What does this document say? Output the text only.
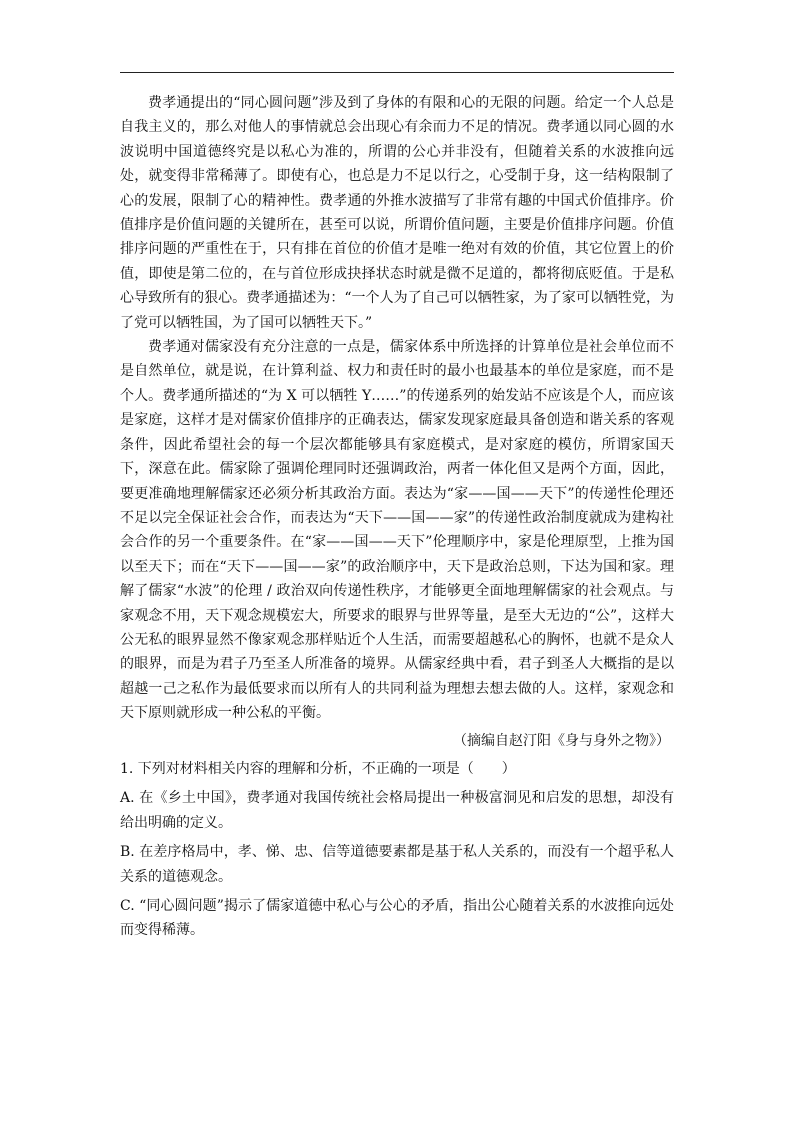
费孝通提出的“同心圆问题”涉及到了身体的有限和心的无限的问题。给定一个人总是自我主义的，那么对他人的事情就总会出现心有余而力不足的情况。费孝通以同心圆的水波说明中国道德终究是以私心为准的，所谓的公心并非没有，但随着关系的水波推向远处，就变得非常稀薄了。即使有心，也总是力不足以行之，心受制于身，这一结构限制了心的发展，限制了心的精神性。费孝通的外推水波描写了非常有趣的中国式价值排序。价值排序是价值问题的关键所在，甚至可以说，所谓价值问题，主要是价值排序问题。价值排序问题的严重性在于，只有排在首位的价值才是唯一绝对有效的价值，其它位置上的价值，即使是第二位的，在与首位形成抉择状态时就是微不足道的，都将彻底贬值。于是私心导致所有的狠心。费孝通描述为：“一个人为了自己可以牺牲家，为了家可以牺牲党，为了党可以牺牲国，为了国可以牺牲天下。”

费孝通对儒家没有充分注意的一点是，儒家体系中所选择的计算单位是社会单位而不是自然单位，就是说，在计算利益、权力和责任时的最小也最基本的单位是家庭，而不是个人。费孝通所描述的“为 X 可以牺牲 Y……”的传递系列的始发站不应该是个人，而应该是家庭，这样才是对儒家价值排序的正确表达，儒家发现家庭最具备创造和谐关系的客观条件，因此希望社会的每一个层次都能够具有家庭模式，是对家庭的模仿，所谓家国天下，深意在此。儒家除了强调伦理同时还强调政治，两者一体化但又是两个方面，因此，要更准确地理解儒家还必须分析其政治方面。表达为“家——国——天下”的传递性伦理还不足以完全保证社会合作，而表达为“天下——国——家”的传递性政治制度就成为建构社会合作的另一个重要条件。在“家——国——天下”伦理顺序中，家是伦理原型，上推为国以至天下；而在“天下——国——家”的政治顺序中，天下是政治总则，下达为国和家。理解了儒家“水波”的伦理 / 政治双向传递性秩序，才能够更全面地理解儒家的社会观点。与家观念不用，天下观念规模宏大，所要求的眼界与世界等量，是至大无边的“公”，这样大公无私的眼界显然不像家观念那样贴近个人生活，而需要超越私心的胸怀，也就不是众人的眼界，而是为君子乃至圣人所准备的境界。从儒家经典中看，君子到圣人大概指的是以超越一己之私作为最低要求而以所有人的共同利益为理想去想去做的人。这样，家观念和天下原则就形成一种公私的平衡。

（摘编自赵汀阳《身与身外之物》）

1. 下列对材料相关内容的理解和分析，不正确的一项是（　　）

A. 在《乡土中国》，费孝通对我国传统社会格局提出一种极富洞见和启发的思想，却没有给出明确的定义。

B. 在差序格局中，孝、悌、忠、信等道德要素都是基于私人关系的，而没有一个超乎私人关系的道德观念。

C. “同心圆问题”揭示了儒家道德中私心与公心的矛盾，指出公心随着关系的水波推向远处而变得稀薄。
